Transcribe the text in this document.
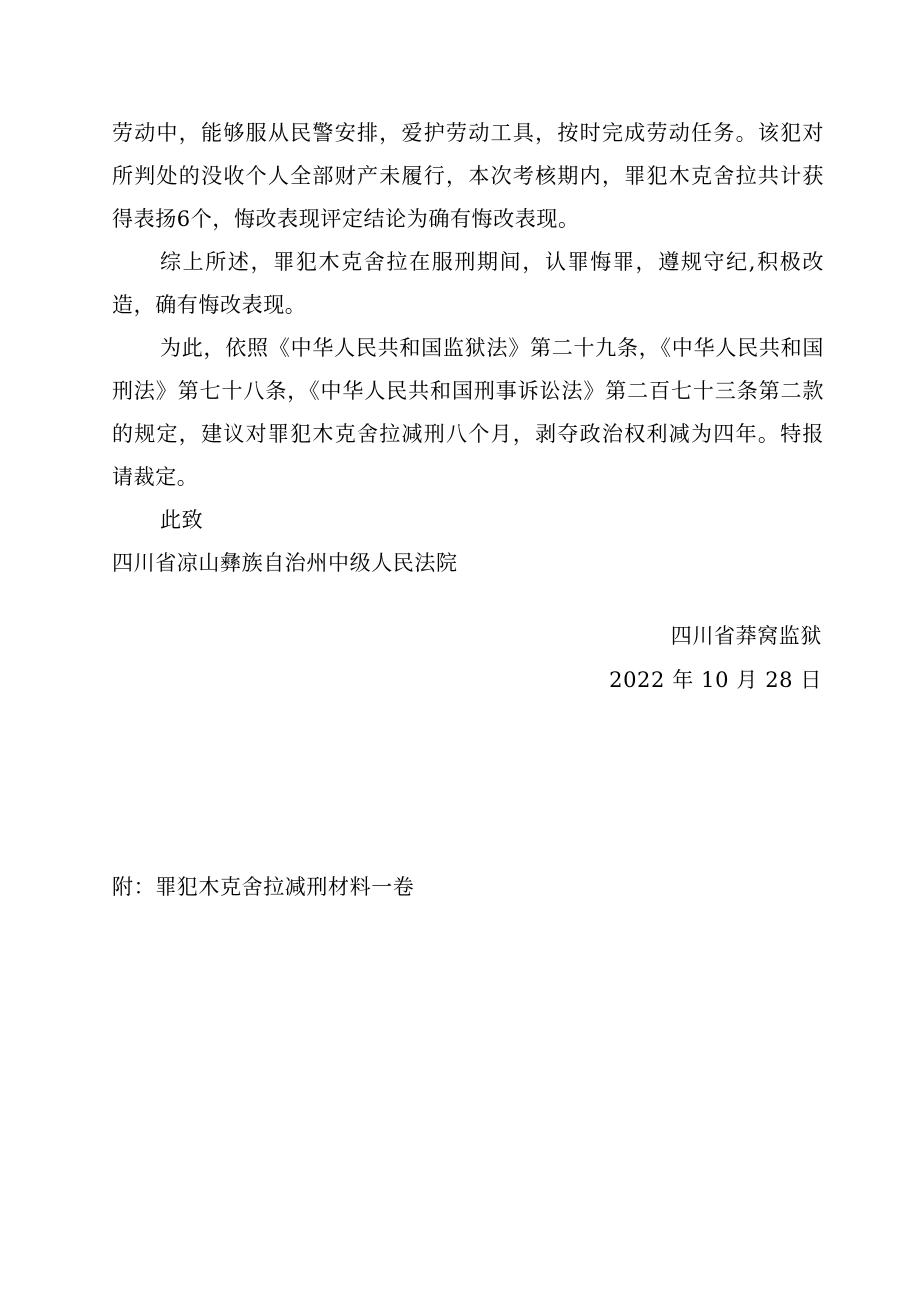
劳动中，能够服从民警安排，爱护劳动工具，按时完成劳动任务。该犯对所判处的没收个人全部财产未履行，本次考核期内，罪犯木克舍拉共计获得表扬6个，悔改表现评定结论为确有悔改表现。

综上所述，罪犯木克舍拉在服刑期间，认罪悔罪，遵规守纪,积极改造，确有悔改表现。

为此，依照《中华人民共和国监狱法》第二十九条，《中华人民共和国刑法》第七十八条，《中华人民共和国刑事诉讼法》第二百七十三条第二款的规定，建议对罪犯木克舍拉减刑八个月，剥夺政治权利减为四年。特报请裁定。

此致

四川省凉山彝族自治州中级人民法院

四川省莽窝监狱
2022 年 10 月 28 日
附：罪犯木克舍拉减刑材料一卷
